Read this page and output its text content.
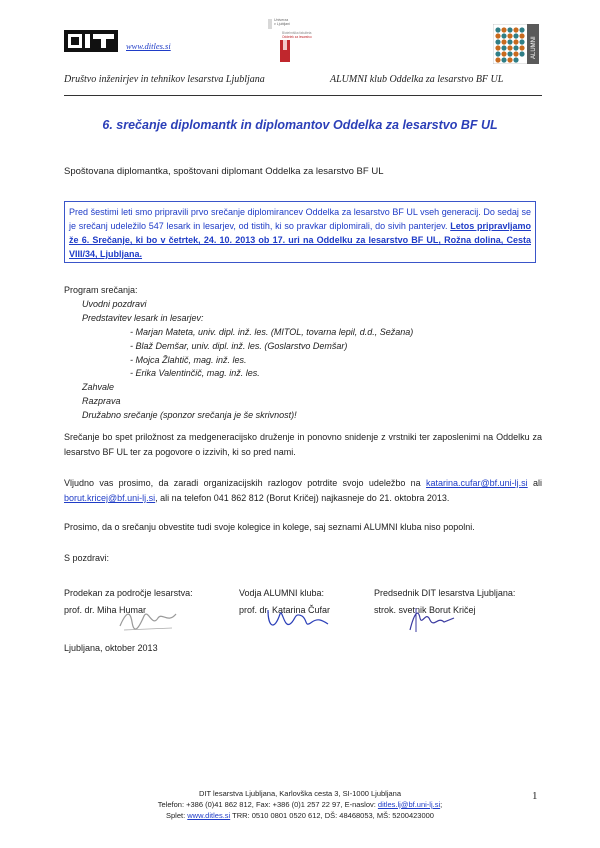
www.ditles.si
Univerza
v Ljubljani
Biotehniška fakulteta
Oddelek za lesarstvo	ALUMNI
Društvo inženirjev in tehnikov lesarstva Ljubljana	ALUMNI klub Oddelka za lesarstvo BF UL
6. srečanje diplomantk in diplomantov Oddelka za lesarstvo BF UL
Spoštovana diplomantka, spoštovani diplomant Oddelka za lesarstvo BF UL

Pred šestimi leti smo pripravili prvo srečanje diplomirancev Oddelka za lesarstvo BF UL vseh generacij. Do sedaj se je srečanj udeležilo 547 lesark in lesarjev, od tistih, ki so pravkar diplomirali, do sivih panterjev. Letos pripravljamo že 6. Srečanje, ki bo v četrtek, 24. 10. 2013 ob 17. uri na Oddelku za lesarstvo BF UL, Rožna dolina, Cesta VIII/34, Ljubljana.

Program srečanja:
Uvodni pozdravi
Predstavitev lesark in lesarjev:
- Marjan Mateta, univ. dipl. inž. les. (MITOL, tovarna lepil, d.d., Sežana)
- Blaž Demšar, univ. dipl. inž. les. (Goslarstvo Demšar)
- Mojca Žlahtič, mag. inž. les.
- Erika Valentinčič, mag. inž. les.
Zahvale
Razprava
Družabno srečanje (sponzor srečanja je še skrivnost)!
Srečanje bo spet priložnost za medgeneracijsko druženje in ponovno snidenje z vrstniki ter zaposlenimi na Oddelku za lesarstvo BF UL ter za pogovore o izzivih, ki so pred nami.
Vljudno vas prosimo, da zaradi organizacijskih razlogov potrdite svojo udeležbo na katarina.cufar@bf.uni-lj.si ali borut.kricej@bf.uni-lj.si, ali na telefon 041 862 812 (Borut Kričej) najkasneje do 21. oktobra 2013.
Prosimo, da o srečanju obvestite tudi svoje kolegice in kolege, saj seznami ALUMNI kluba niso popolni.
S pozdravi:
Prodekan za področje lesarstva:
prof. dr. Miha Humar
Vodja ALUMNI kluba:
prof. dr. Katarina Čufar
Predsednik DIT lesarstva Ljubljana:
strok. svetnik Borut Kričej
Ljubljana, oktober 2013
DIT lesarstva Ljubljana, Karlovška cesta 3, SI-1000 Ljubljana
Telefon: +386 (0)41 862 812, Fax: +386 (0)1 257 22 97, E-naslov: ditles.lj@bf.uni-lj.si;
Splet: www.ditles.si TRR: 0510 0801 0520 612, DŠ: 48468053, MŠ: 5200423000
1
